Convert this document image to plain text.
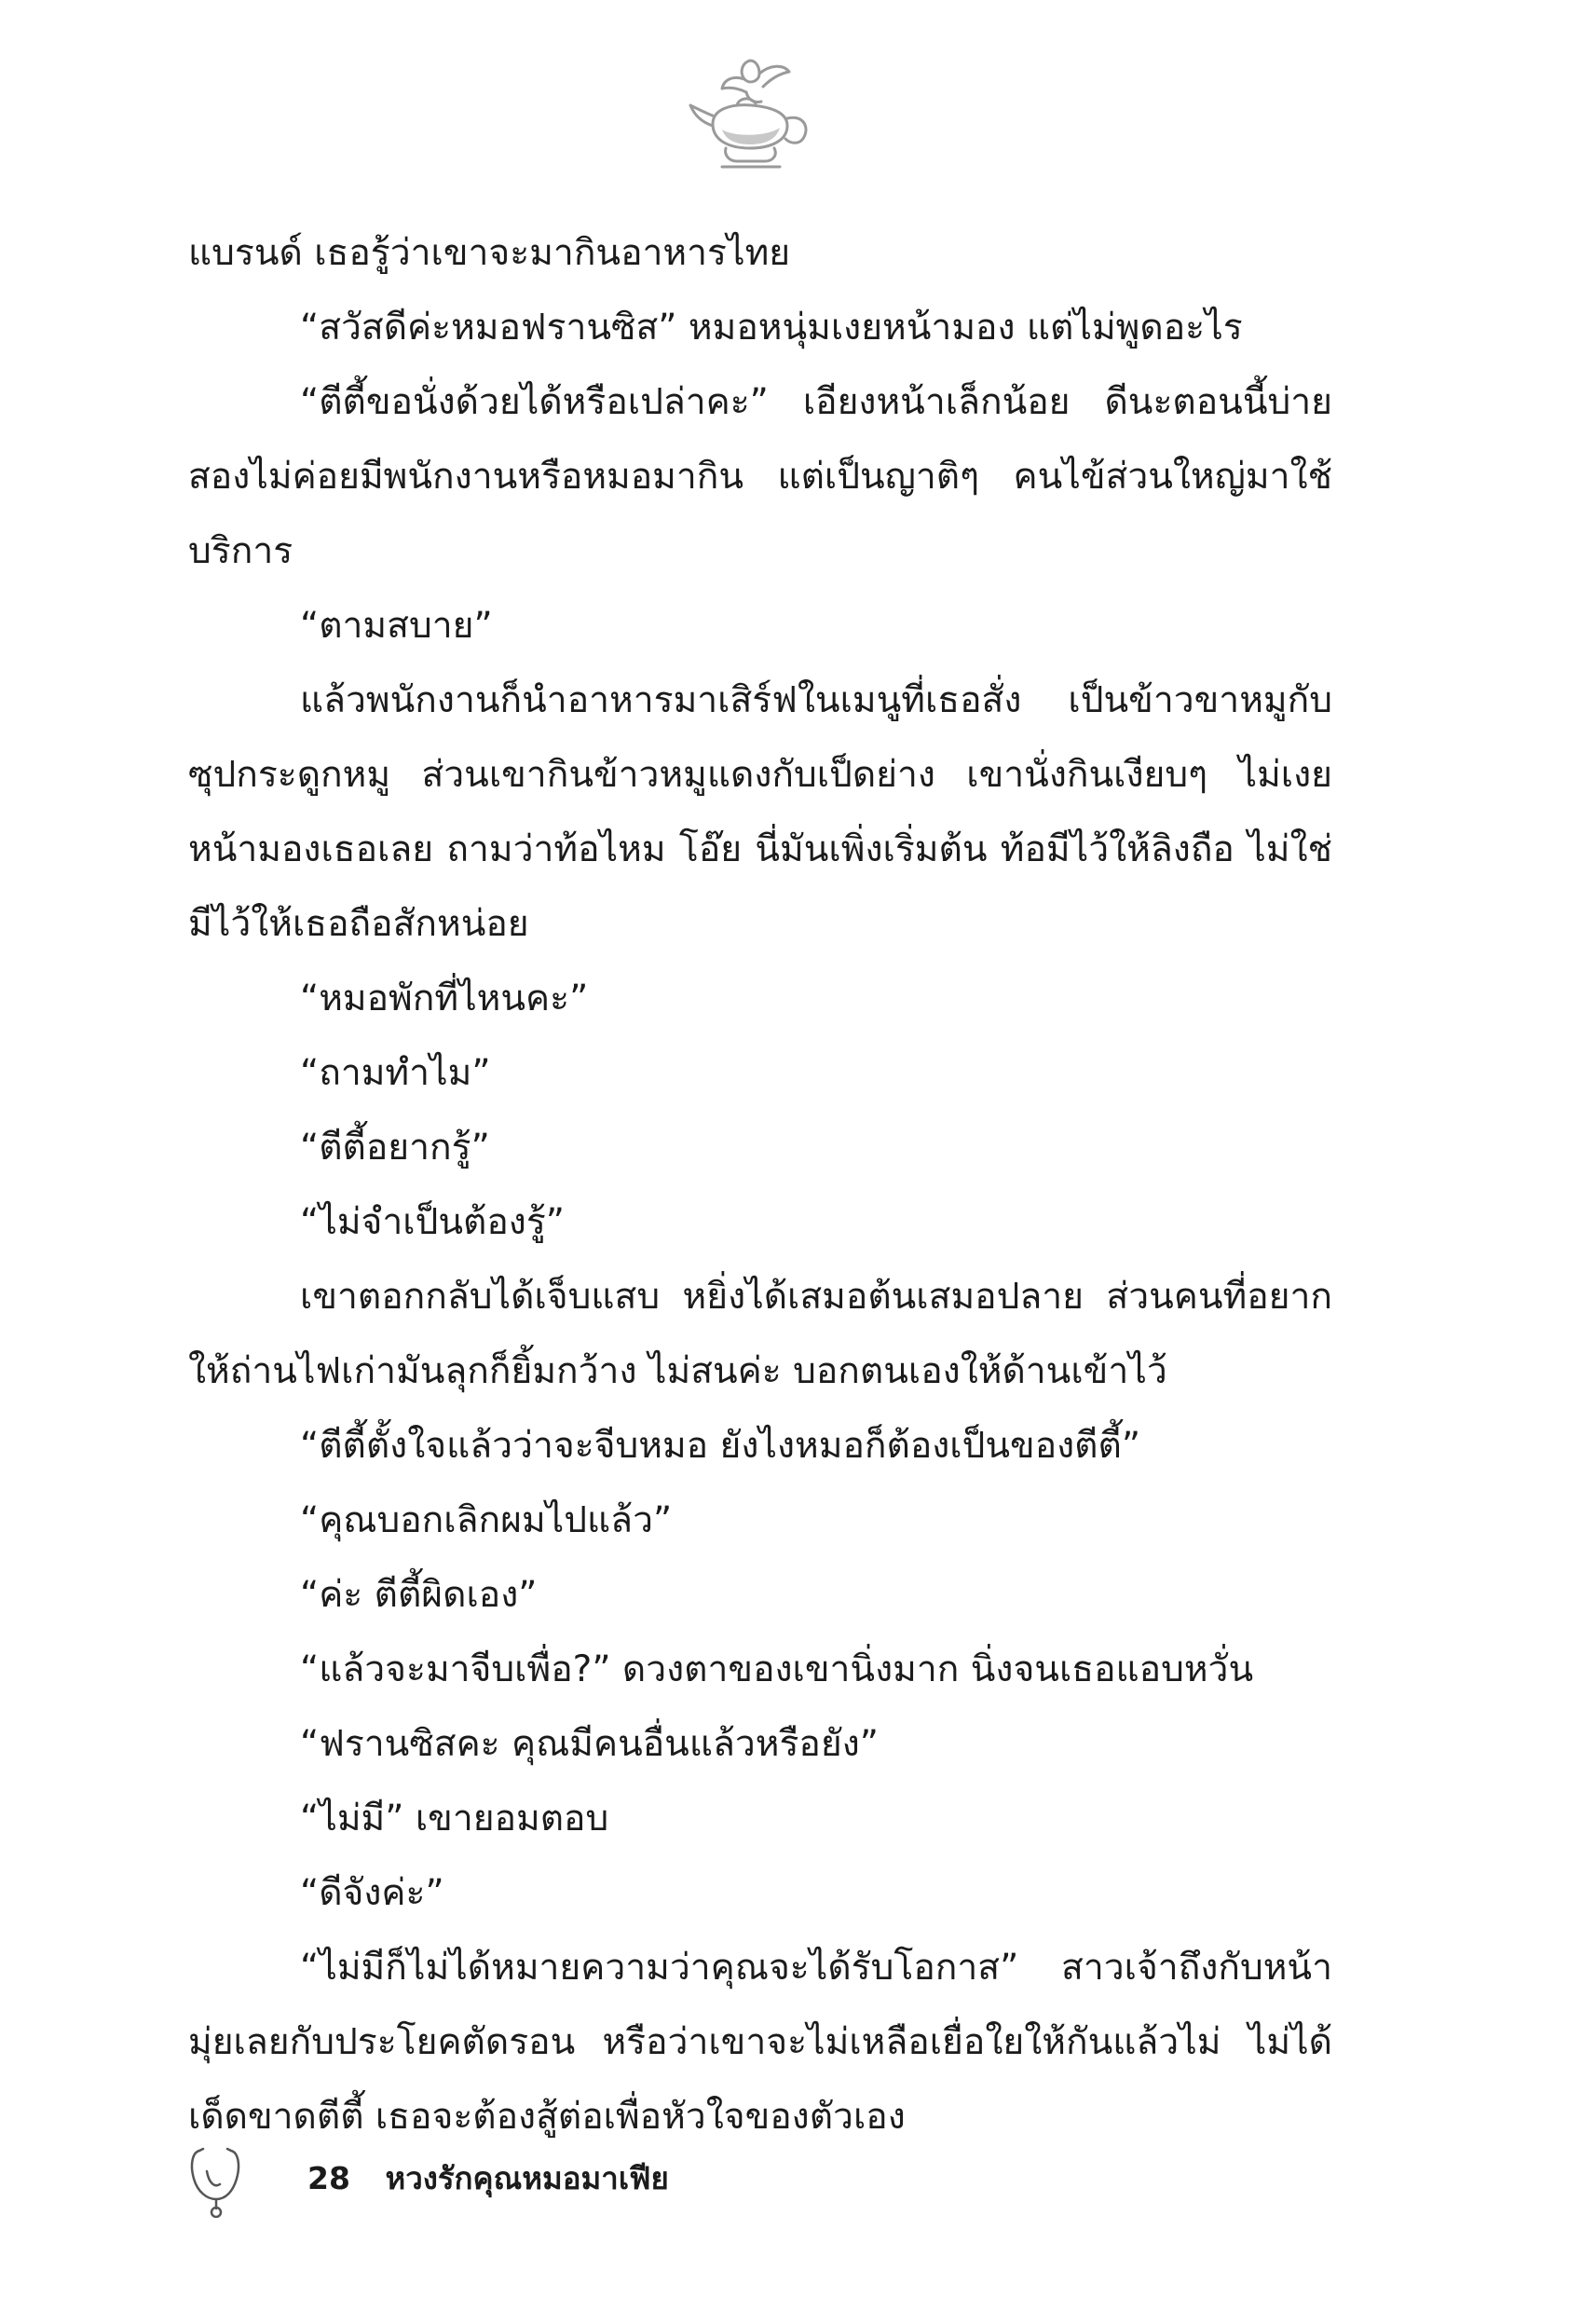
แบรนด์ เธอรู้ว่าเขาจะมากินอาหารไทย

“สวัสดีค่ะหมอฟรานซิส” หมอหนุ่มเงยหน้ามอง แต่ไม่พูดอะไร

“ตีตี้ขอนั่งด้วยได้หรือเปล่าคะ” เอียงหน้าเล็กน้อย ดีนะตอนนี้บ่ายสองไม่ค่อยมีพนักงานหรือหมอมากิน แต่เป็นญาติๆ คนไข้ส่วนใหญ่มาใช้บริการ

“ตามสบาย”

แล้วพนักงานก็นำอาหารมาเสิร์ฟในเมนูที่เธอสั่ง เป็นข้าวขาหมูกับซุปกระดูกหมู ส่วนเขากินข้าวหมูแดงกับเป็ดย่าง เขานั่งกินเงียบๆ ไม่เงยหน้ามองเธอเลย ถามว่าท้อไหม โอ๊ย นี่มันเพิ่งเริ่มต้น ท้อมีไว้ให้ลิงถือ ไม่ใช่มีไว้ให้เธอถือสักหน่อย

“หมอพักที่ไหนคะ”

“ถามทำไม”

“ตีตี้อยากรู้”

“ไม่จำเป็นต้องรู้”

เขาตอกกลับได้เจ็บแสบ หยิ่งได้เสมอต้นเสมอปลาย ส่วนคนที่อยากให้ถ่านไฟเก่ามันลุกก็ยิ้มกว้าง ไม่สนค่ะ บอกตนเองให้ด้านเข้าไว้

“ตีตี้ตั้งใจแล้วว่าจะจีบหมอ ยังไงหมอก็ต้องเป็นของตีตี้”

“คุณบอกเลิกผมไปแล้ว”

“ค่ะ ตีตี้ผิดเอง”

“แล้วจะมาจีบเพื่อ?” ดวงตาของเขานิ่งมาก นิ่งจนเธอแอบหวั่น

“ฟรานซิสคะ คุณมีคนอื่นแล้วหรือยัง”

“ไม่มี” เขายอมตอบ

“ดีจังค่ะ”

“ไม่มีก็ไม่ได้หมายความว่าคุณจะได้รับโอกาส” สาวเจ้าถึงกับหน้ามุ่ยเลยกับประโยคตัดรอน หรือว่าเขาจะไม่เหลือเยื่อใยให้กันแล้วไม่ ไม่ได้เด็ดขาดตีตี้ เธอจะต้องสู้ต่อเพื่อหัวใจของตัวเอง

28 หวงรักคุณหมอมาเฟีย
